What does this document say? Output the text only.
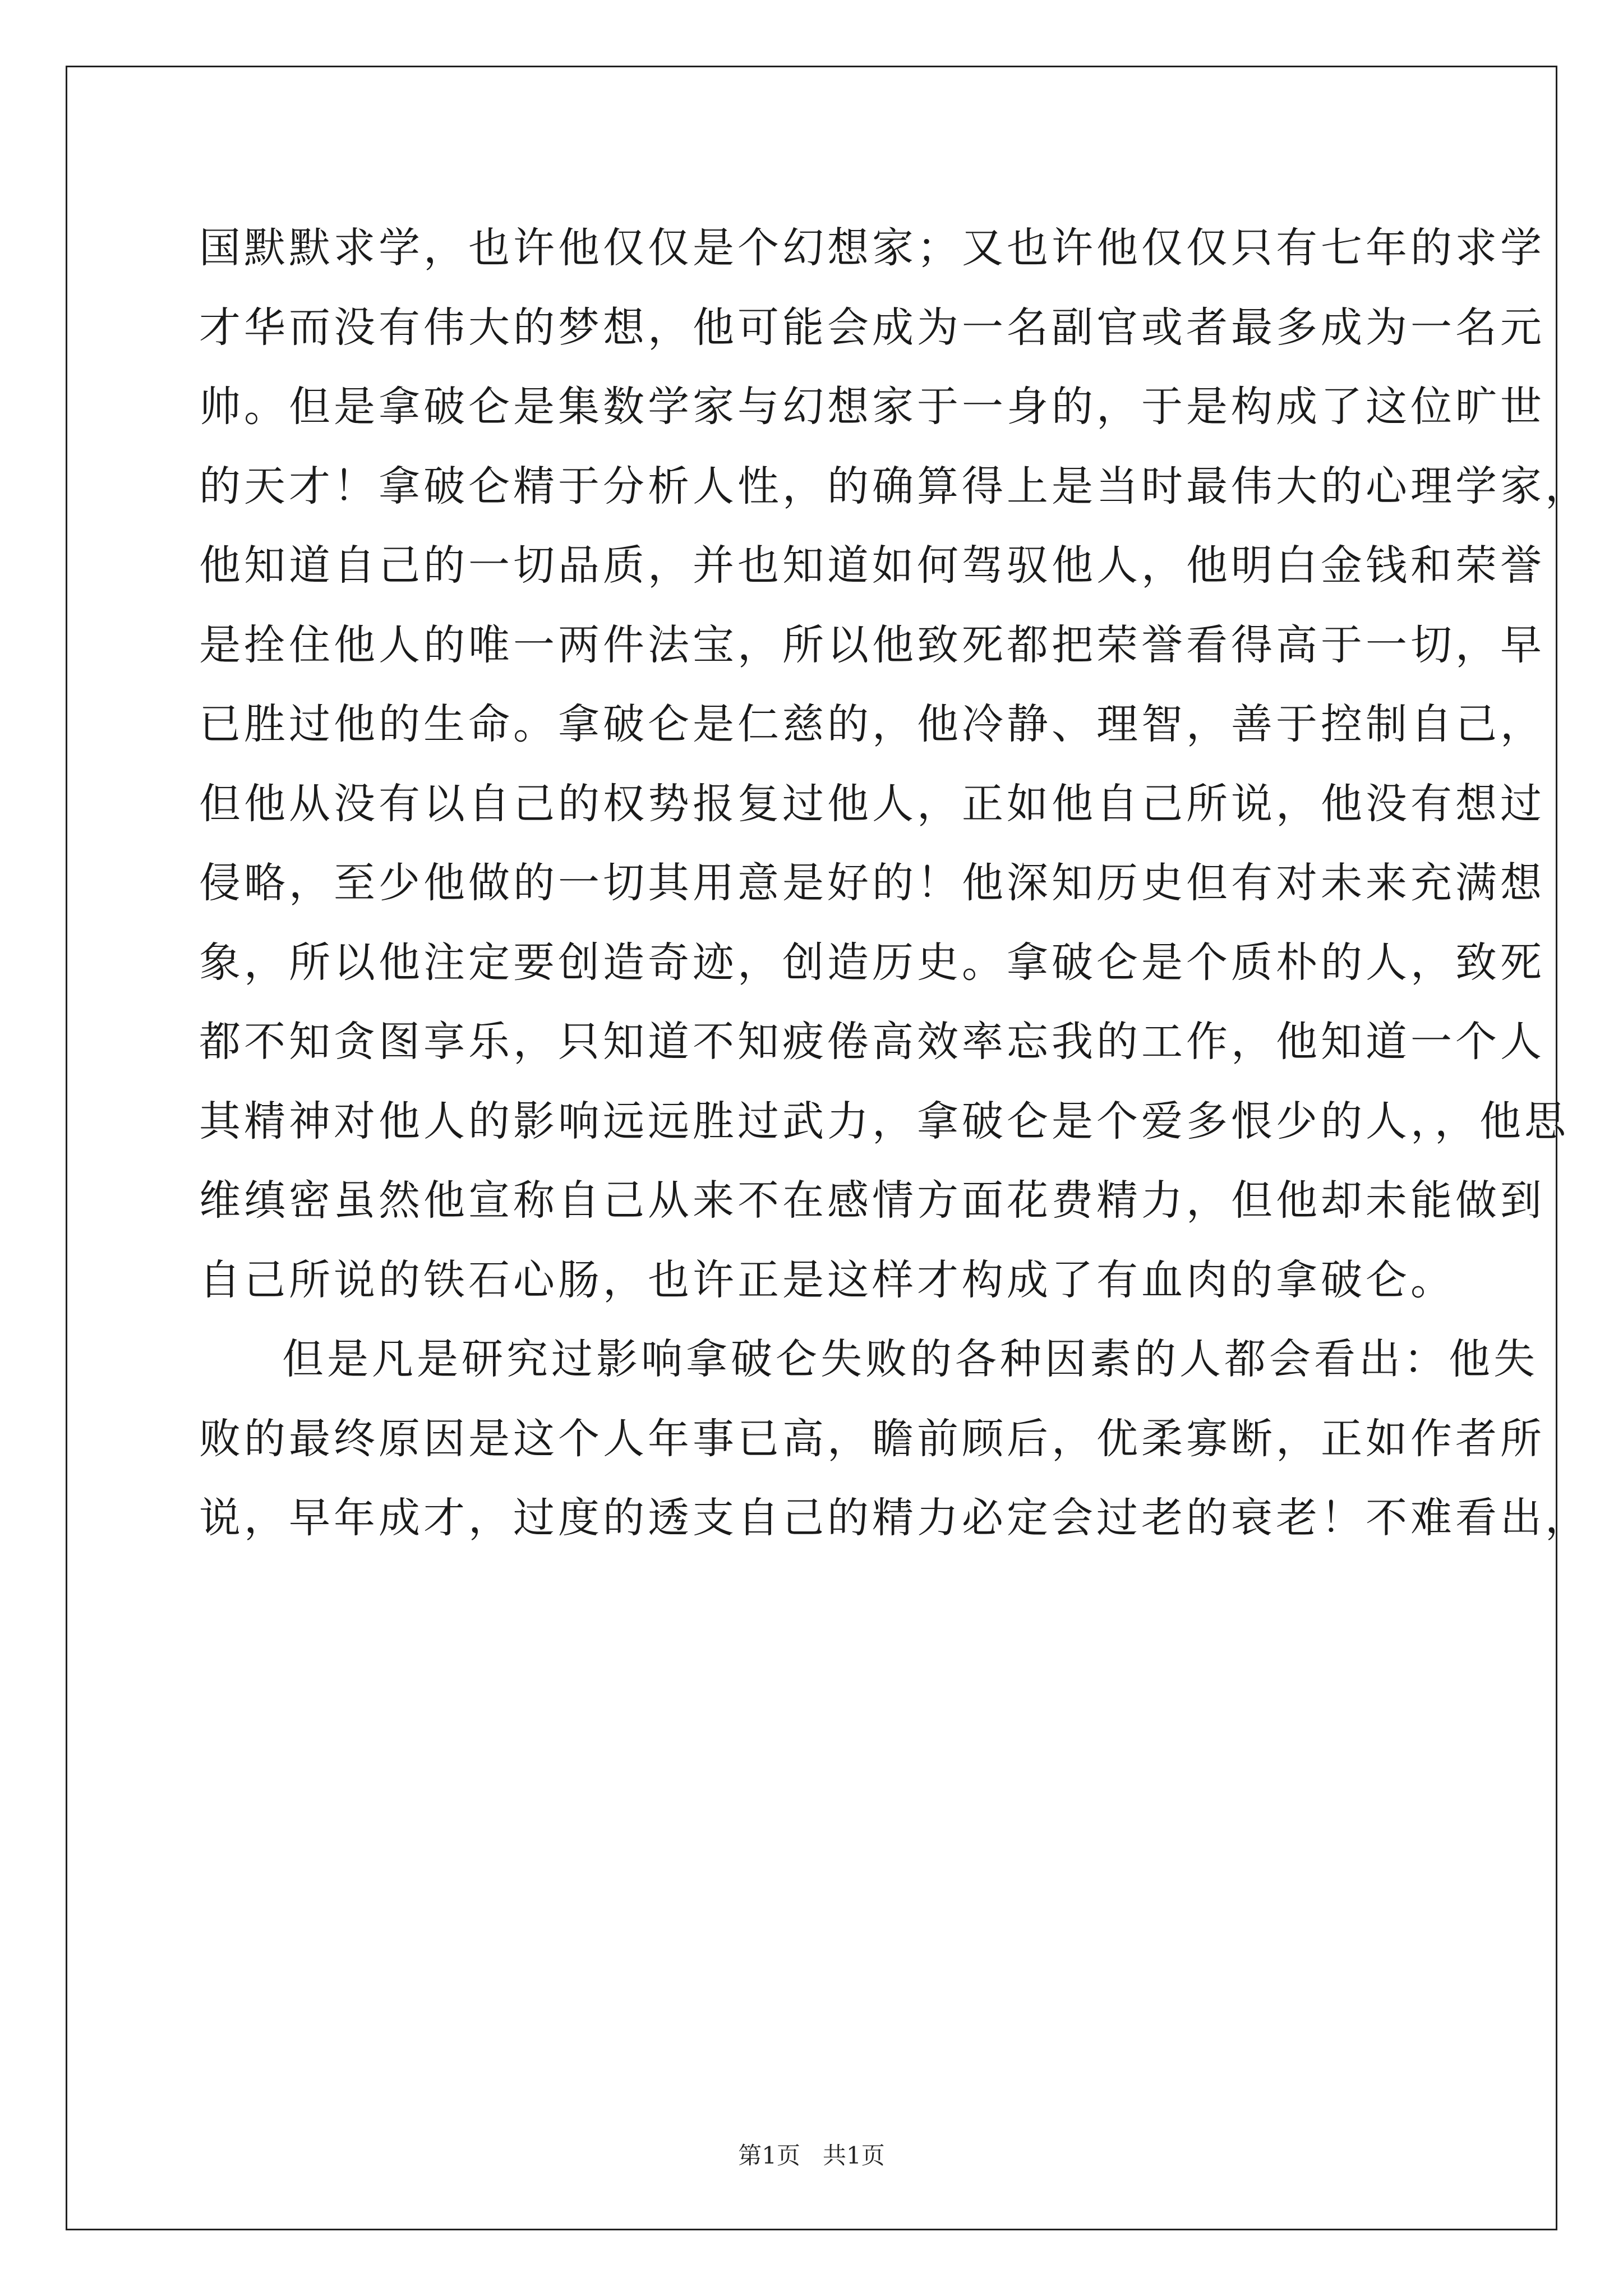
国默默求学，也许他仅仅是个幻想家；又也许他仅仅只有七年的求学
才华而没有伟大的梦想，他可能会成为一名副官或者最多成为一名元
帅。但是拿破仑是集数学家与幻想家于一身的，于是构成了这位旷世
的天才！拿破仑精于分析人性，的确算得上是当时最伟大的心理学家，
他知道自己的一切品质，并也知道如何驾驭他人，他明白金钱和荣誉
是拴住他人的唯一两件法宝，所以他致死都把荣誉看得高于一切，早
已胜过他的生命。拿破仑是仁慈的，他冷静、理智，善于控制自己，
但他从没有以自己的权势报复过他人，正如他自己所说，他没有想过
侵略，至少他做的一切其用意是好的！他深知历史但有对未来充满想
象，所以他注定要创造奇迹，创造历史。拿破仑是个质朴的人，致死
都不知贪图享乐，只知道不知疲倦高效率忘我的工作，他知道一个人
其精神对他人的影响远远胜过武力，拿破仑是个爱多恨少的人，，他思
维缜密虽然他宣称自己从来不在感情方面花费精力，但他却未能做到
自己所说的铁石心肠，也许正是这样才构成了有血肉的拿破仑。
但是凡是研究过影响拿破仑失败的各种因素的人都会看出：他失
败的最终原因是这个人年事已高，瞻前顾后，优柔寡断，正如作者所
说，早年成才，过度的透支自己的精力必定会过老的衰老！不难看出，
第1页 共1页
